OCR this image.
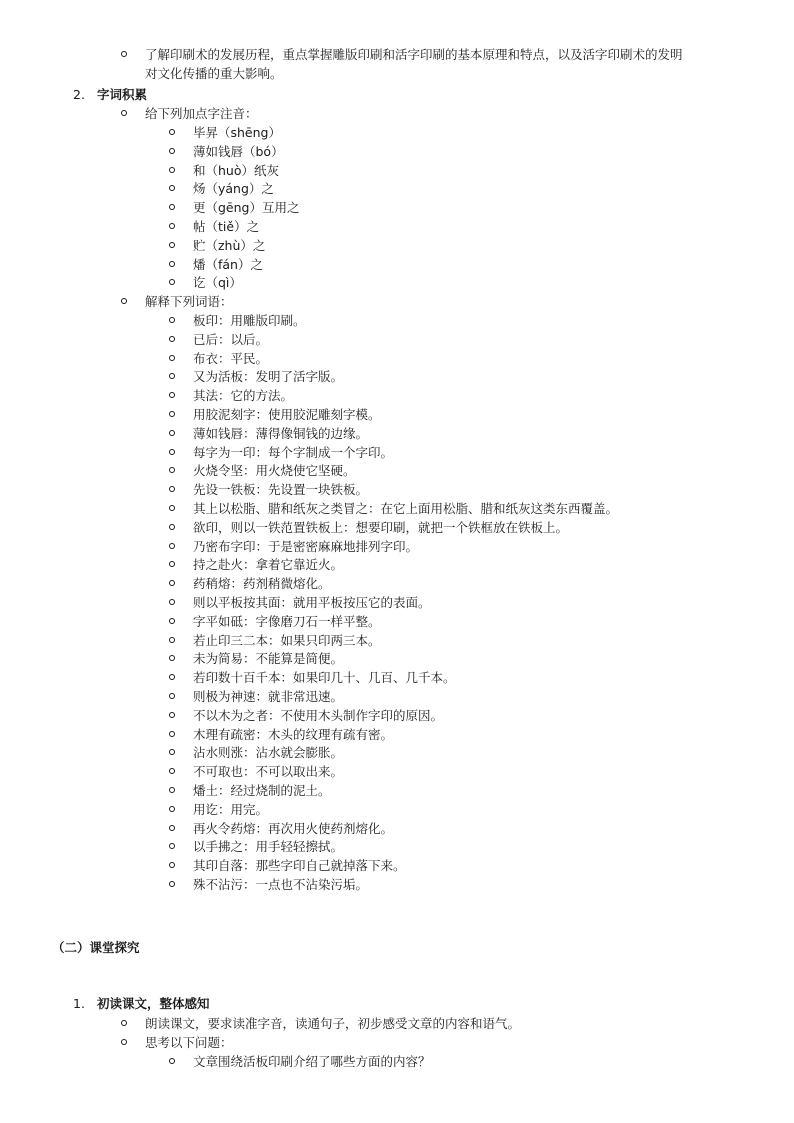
了解印刷术的发展历程，重点掌握雕版印刷和活字印刷的基本原理和特点，以及活字印刷术的发明
对文化传播的重大影响。
2. 字词积累
给下列加点字注音：
毕昇（shēng）
薄如钱唇（bó）
和（huò）纸灰
炀（yáng）之
更（gēng）互用之
帖（tiě）之
贮（zhù）之
燔（fán）之
讫（qì）
解释下列词语：
板印：用雕版印刷。
已后：以后。
布衣：平民。
又为活板：发明了活字版。
其法：它的方法。
用胶泥刻字：使用胶泥雕刻字模。
薄如钱唇：薄得像铜钱的边缘。
每字为一印：每个字制成一个字印。
火烧令坚：用火烧使它坚硬。
先设一铁板：先设置一块铁板。
其上以松脂、腊和纸灰之类冒之：在它上面用松脂、腊和纸灰这类东西覆盖。
欲印，则以一铁范置铁板上：想要印刷，就把一个铁框放在铁板上。
乃密布字印：于是密密麻麻地排列字印。
持之赴火：拿着它靠近火。
药稍熔：药剂稍微熔化。
则以平板按其面：就用平板按压它的表面。
字平如砥：字像磨刀石一样平整。
若止印三二本：如果只印两三本。
未为简易：不能算是简便。
若印数十百千本：如果印几十、几百、几千本。
则极为神速：就非常迅速。
不以木为之者：不使用木头制作字印的原因。
木理有疏密：木头的纹理有疏有密。
沾水则涨：沾水就会膨胀。
不可取也：不可以取出来。
燔土：经过烧制的泥土。
用讫：用完。
再火令药熔：再次用火使药剂熔化。
以手拂之：用手轻轻擦拭。
其印自落：那些字印自己就掉落下来。
殊不沾污：一点也不沾染污垢。
（二）课堂探究
1. 初读课文，整体感知
朗读课文，要求读准字音，读通句子，初步感受文章的内容和语气。
思考以下问题：
文章围绕活板印刷介绍了哪些方面的内容？
